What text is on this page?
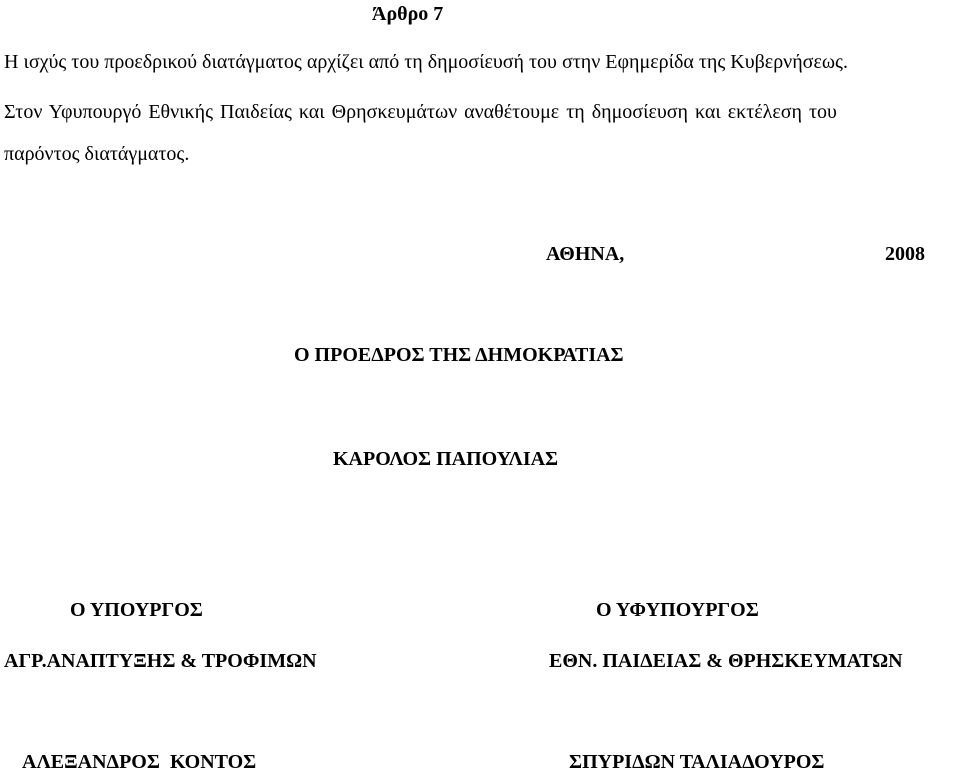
Άρθρο 7
Η ισχύς του προεδρικού διατάγματος αρχίζει από τη δημοσίευσή του στην Εφημερίδα της Κυβερνήσεως.
Στον Υφυπουργό Εθνικής Παιδείας και Θρησκευμάτων αναθέτουμε τη δημοσίευση και εκτέλεση του
παρόντος διατάγματος.
ΑΘΗΝΑ,	2008
Ο ΠΡΟΕΔΡΟΣ ΤΗΣ ΔΗΜΟΚΡΑΤΙΑΣ
ΚΑΡΟΛΟΣ ΠΑΠΟΥΛΙΑΣ
Ο ΥΠΟΥΡΓΟΣ	Ο ΥΦΥΠΟΥΡΓΟΣ
ΑΓΡ.ΑΝΑΠΤΥΞΗΣ & ΤΡΟΦΙΜΩΝ	ΕΘΝ. ΠΑΙΔΕΙΑΣ & ΘΡΗΣΚΕΥΜΑΤΩΝ
ΑΛΕΞΑΝΔΡΟΣ  ΚΟΝΤΟΣ	ΣΠΥΡΙΔΩΝ ΤΑΛΙΑΔΟΥΡΟΣ
